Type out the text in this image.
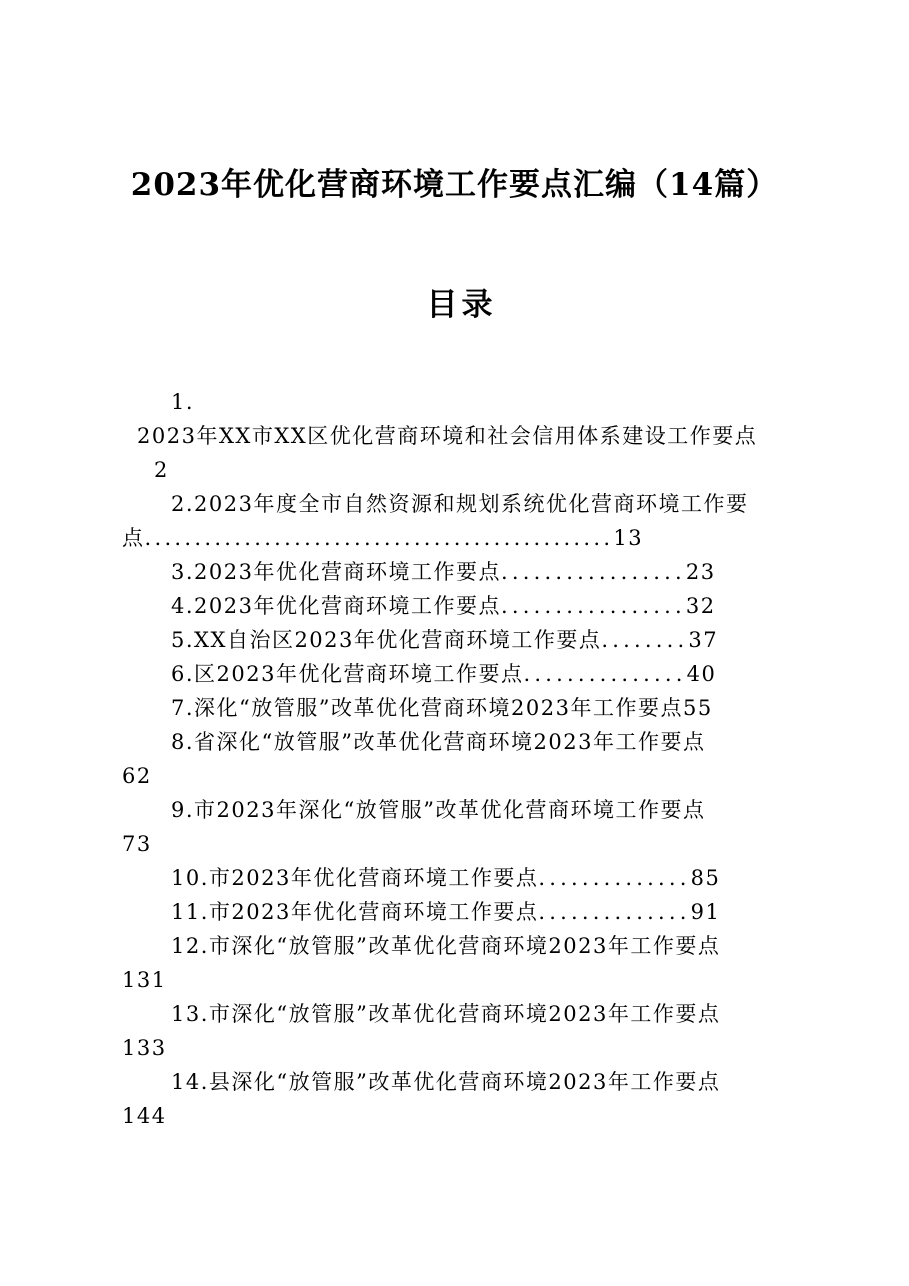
2023年优化营商环境工作要点汇编（14篇）
目录
1.
2023年XX市XX区优化营商环境和社会信用体系建设工作要点
2
2.2023年度全市自然资源和规划系统优化营商环境工作要
点...............................................13
3.2023年优化营商环境工作要点.................23
4.2023年优化营商环境工作要点.................32
5.XX自治区2023年优化营商环境工作要点........37
6.区2023年优化营商环境工作要点...............40
7.深化“放管服”改革优化营商环境2023年工作要点55
8.省深化“放管服”改革优化营商环境2023年工作要点
62
9.市2023年深化“放管服”改革优化营商环境工作要点
73
10.市2023年优化营商环境工作要点..............85
11.市2023年优化营商环境工作要点..............91
12.市深化“放管服”改革优化营商环境2023年工作要点
131
13.市深化“放管服”改革优化营商环境2023年工作要点
133
14.县深化“放管服”改革优化营商环境2023年工作要点
144
